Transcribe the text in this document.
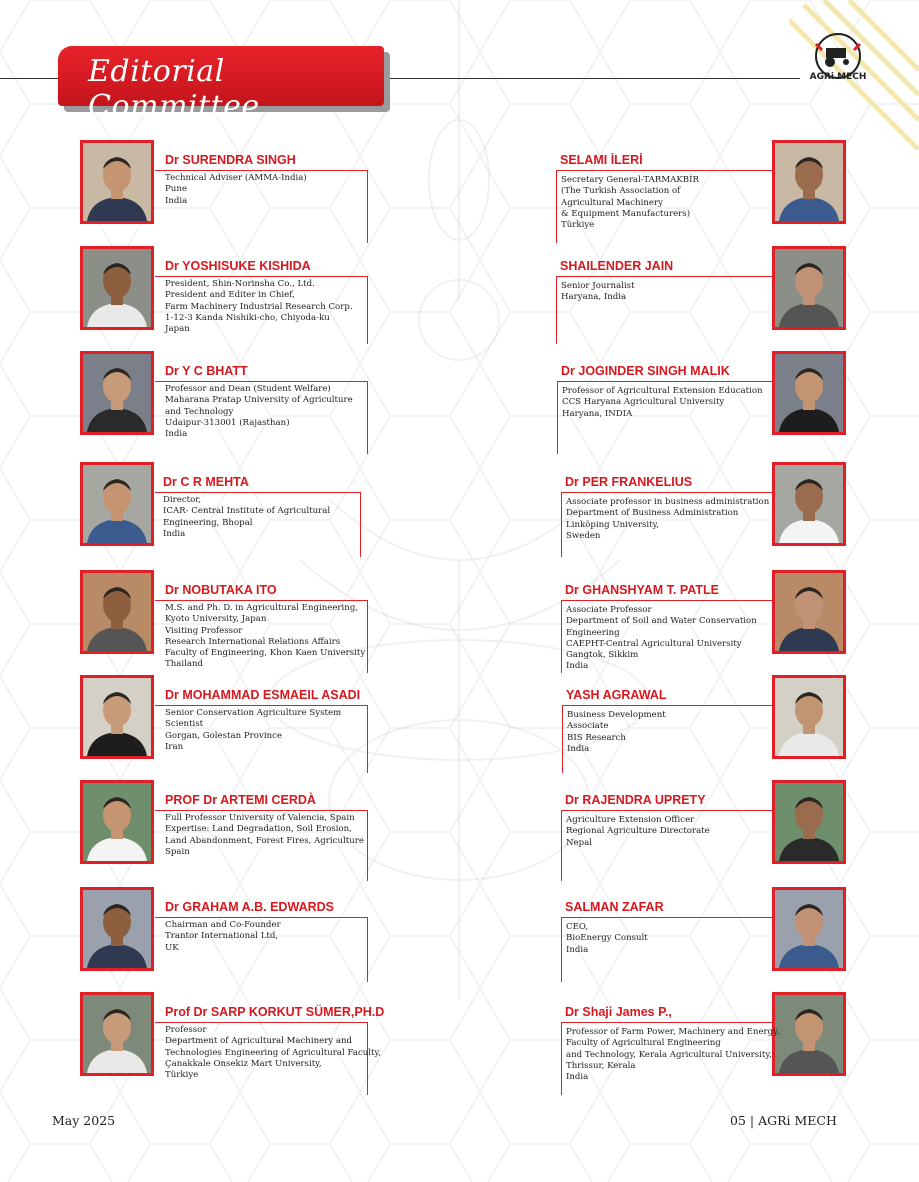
Editorial Committee
AGRi MECH
Dr SURENDRA SINGH
Technical Adviser (AMMA-India)
Pune
India
Dr YOSHISUKE KISHIDA
President, Shin-Norinsha Co., Ltd.
President and Editer in Chief,
Farm Machinery Industrial Research Corp.
1-12-3 Kanda Nishiki-cho, Chiyoda-ku
Japan
Dr Y C BHATT
Professor and Dean (Student Welfare)
Maharana Pratap University of Agriculture
and Technology
Udaipur-313001 (Rajasthan)
India
Dr C R MEHTA
Director,
ICAR- Central Institute of Agricultural
Engineering, Bhopal
India
Dr NOBUTAKA ITO
M.S. and Ph. D. in Agricultural Engineering,
Kyoto University, Japan
Visiting Professor
Research International Relations Affairs
Faculty of Engineering, Khon Kaen University
Thailand
Dr MOHAMMAD ESMAEIL ASADI
Senior Conservation Agriculture System
Scientist
Gorgan, Golestan Province
Iran
PROF Dr ARTEMI CERDÀ
Full Professor University of Valencia, Spain
Expertise: Land Degradation, Soil Erosion,
Land Abandonment, Forest Fires, Agriculture
Spain
Dr GRAHAM A.B. EDWARDS
Chairman and Co-Founder
Trantor International Ltd,
UK
Prof Dr SARP KORKUT SÜMER,PH.D
Professor
Department of Agricultural Machinery and
Technologies Engineering of Agricultural Faculty,
Çanakkale Onsekiz Mart University,
Türkiye
SELAMI İLERİ
Secretary General-TARMAKBİR
(The Turkish Association of
Agricultural Machinery
& Equipment Manufacturers)
Türkiye
SHAILENDER JAIN
Senior Journalist
Haryana, India
Dr JOGINDER SINGH MALIK
Professor of Agricultural Extension Education
CCS Haryana Agricultural University
Haryana, INDIA
Dr PER FRANKELIUS
Associate professor in business administration
Department of Business Administration
Linköping University,
Sweden
Dr GHANSHYAM T. PATLE
Associate Professor
Department of Soil and Water Conservation
Engineering
CAEPHT-Central Agricultural University
Gangtok, Sikkim
India
YASH AGRAWAL
Business Development
Associate
BIS Research
India
Dr RAJENDRA UPRETY
Agriculture Extension Officer
Regional Agriculture Directorate
Nepal
SALMAN ZAFAR
CEO,
BioEnergy Consult
India
Dr Shaji James P.,
Professor of Farm Power, Machinery and Energy,
Faculty of Agricultural Engineering
and Technology, Kerala Agricultural University,
Thrissur, Kerala
India
May 2025	05 | AGRi MECH
